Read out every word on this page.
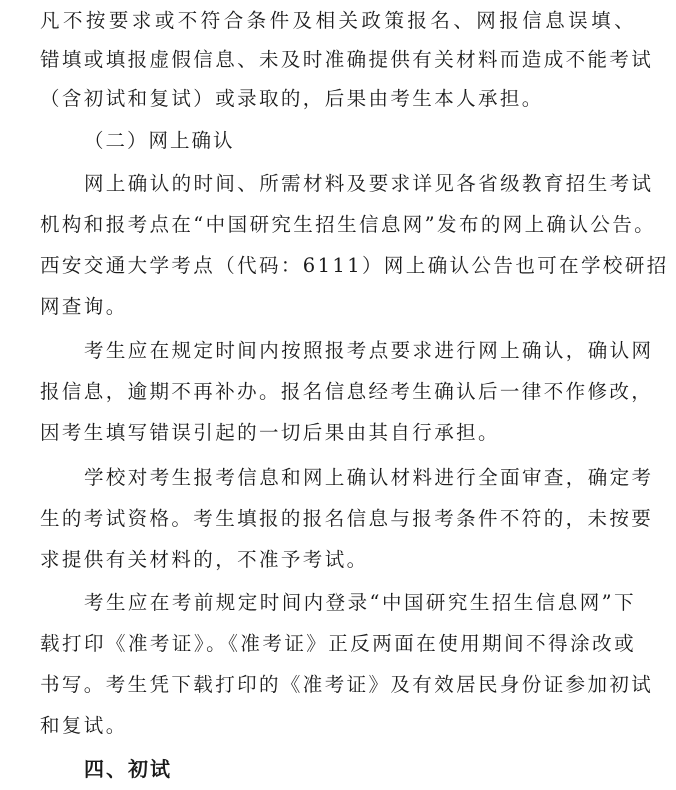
凡不按要求或不符合条件及相关政策报名、网报信息误填、
错填或填报虚假信息、未及时准确提供有关材料而造成不能考试
（含初试和复试）或录取的，后果由考生本人承担。
（二）网上确认
网上确认的时间、所需材料及要求详见各省级教育招生考试
机构和报考点在“中国研究生招生信息网”发布的网上确认公告。
西安交通大学考点（代码：6111）网上确认公告也可在学校研招
网查询。
考生应在规定时间内按照报考点要求进行网上确认，确认网
报信息，逾期不再补办。报名信息经考生确认后一律不作修改，
因考生填写错误引起的一切后果由其自行承担。
学校对考生报考信息和网上确认材料进行全面审查，确定考
生的考试资格。考生填报的报名信息与报考条件不符的，未按要
求提供有关材料的，不准予考试。
考生应在考前规定时间内登录“中国研究生招生信息网”下
载打印《准考证》。《准考证》正反两面在使用期间不得涂改或
书写。考生凭下载打印的《准考证》及有效居民身份证参加初试
和复试。
四、初试
